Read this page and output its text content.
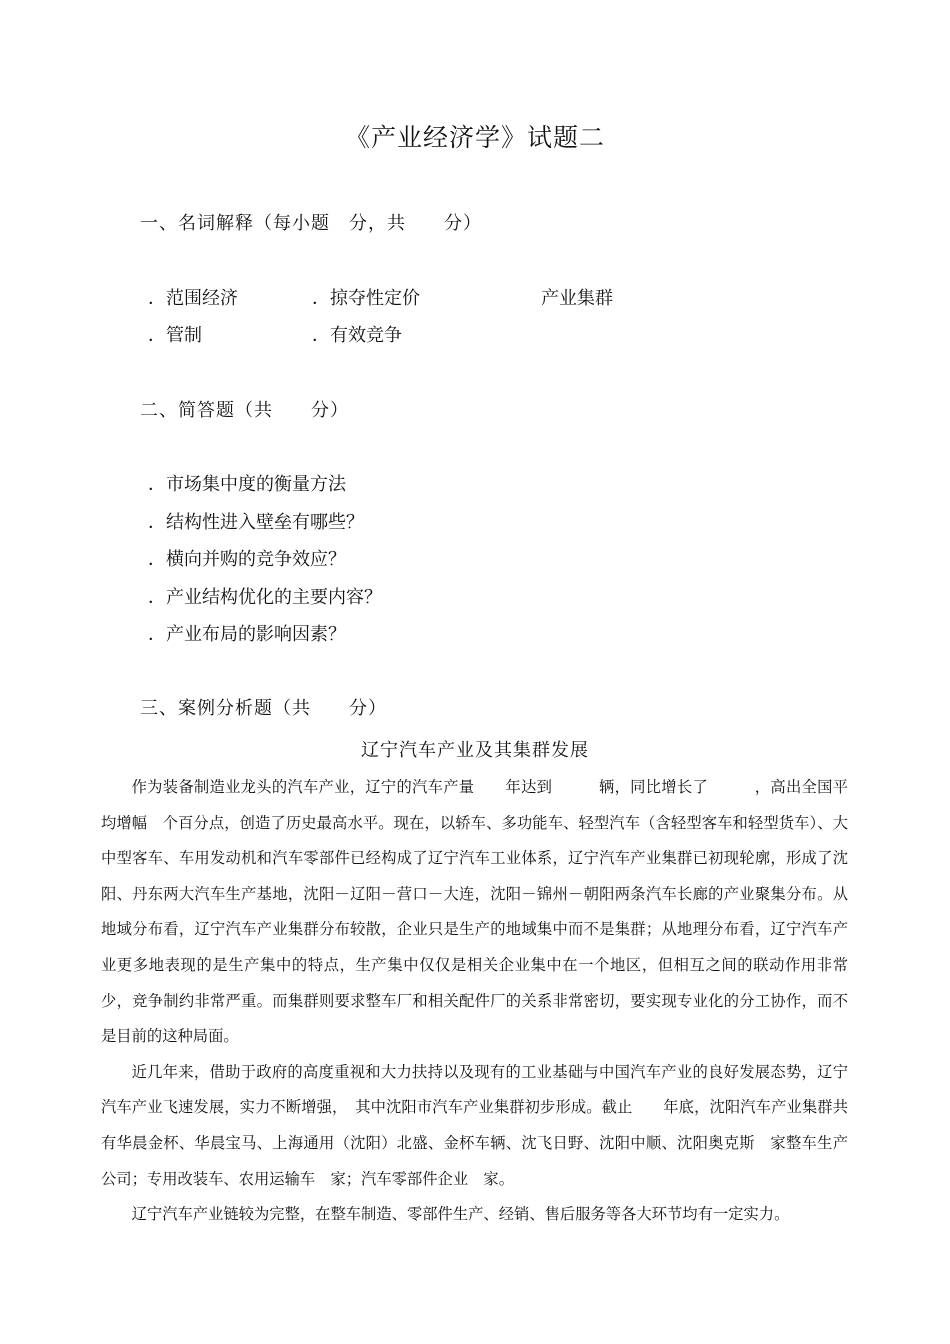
《产业经济学》试题二
一、名词解释（每小题　分，共　　分）
．范围经济	．掠夺性定价	产业集群
．管制	．有效竞争
二、简答题（共　　分）
．市场集中度的衡量方法
．结构性进入壁垒有哪些？
．横向并购的竞争效应？
．产业结构优化的主要内容？
．产业布局的影响因素？
三、案例分析题（共　　分）
辽宁汽车产业及其集群发展

作为装备制造业龙头的汽车产业，辽宁的汽车产量　　年达到　　　辆，同比增长了　　　，高出全国平均增幅　个百分点，创造了历史最高水平。现在，以轿车、多功能车、轻型汽车（含轻型客车和轻型货车）、大中型客车、车用发动机和汽车零部件已经构成了辽宁汽车工业体系，辽宁汽车产业集群已初现轮廓，形成了沈阳、丹东两大汽车生产基地，沈阳－辽阳－营口－大连，沈阳－锦州－朝阳两条汽车长廊的产业聚集分布。从地域分布看，辽宁汽车产业集群分布较散，企业只是生产的地域集中而不是集群；从地理分布看，辽宁汽车产业更多地表现的是生产集中的特点，生产集中仅仅是相关企业集中在一个地区，但相互之间的联动作用非常少，竞争制约非常严重。而集群则要求整车厂和相关配件厂的关系非常密切，要实现专业化的分工协作，而不是目前的这种局面。

近几年来，借助于政府的高度重视和大力扶持以及现有的工业基础与中国汽车产业的良好发展态势，辽宁汽车产业飞速发展，实力不断增强，　其中沈阳市汽车产业集群初步形成。截止　　年底，沈阳汽车产业集群共有华晨金杯、华晨宝马、上海通用（沈阳）北盛、金杯车辆、沈飞日野、沈阳中顺、沈阳奥克斯　家整车生产公司；专用改装车、农用运输车　家；汽车零部件企业　家。

辽宁汽车产业链较为完整，在整车制造、零部件生产、经销、售后服务等各大环节均有一定实力。
